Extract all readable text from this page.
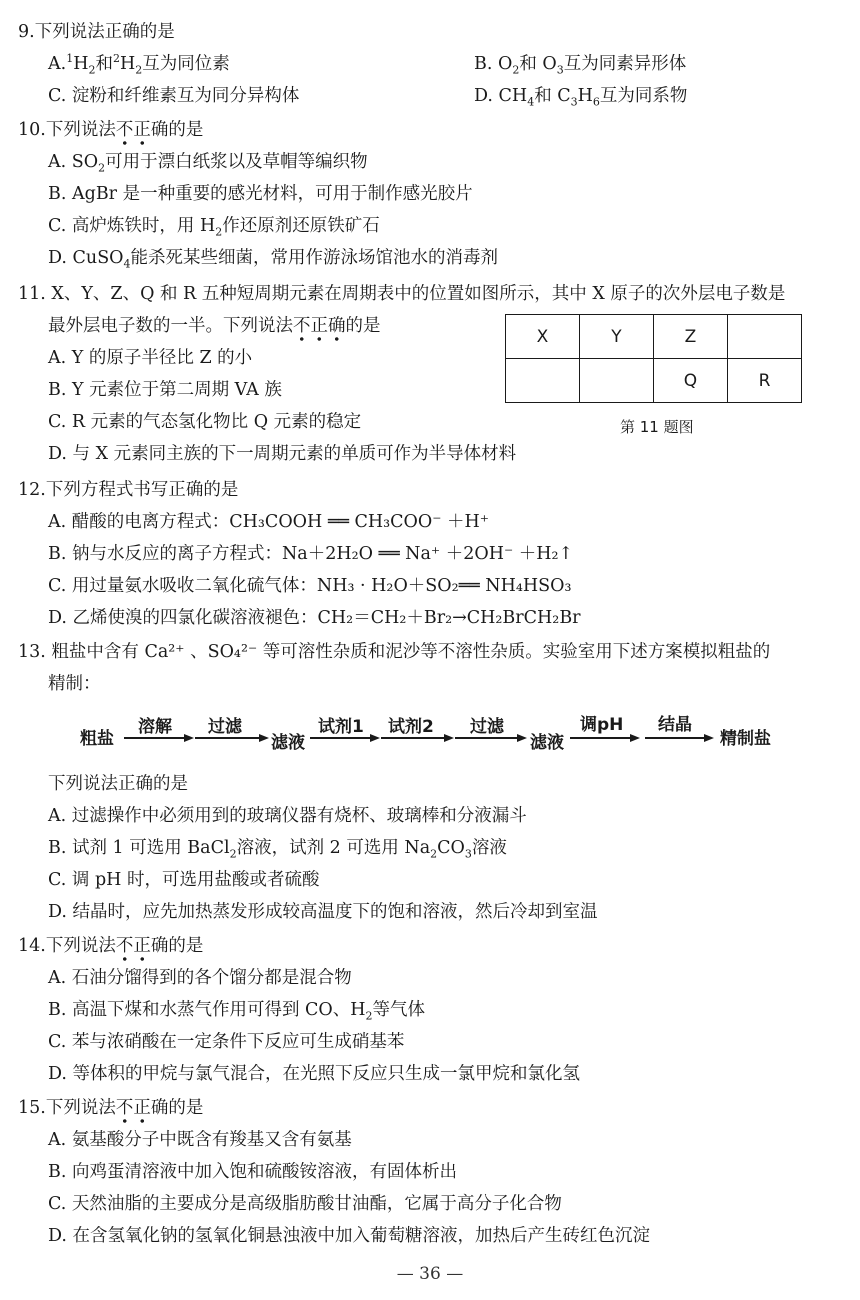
9.下列说法正确的是
$A.^1H_2$和$^2H_2$互为同位素	B. $O_2$和 $O_3$互为同素异形体
C. 淀粉和纤维素互为同分异构体	D. $CH_4$和 $C_3H_6$互为同系物
10.下列说法不正确的是
A. $SO_2$可用于漂白纸浆以及草帽等编织物
B. AgBr 是一种重要的感光材料，可用于制作感光胶片
C. 高炉炼铁时，用 $H_2$作还原剂还原铁矿石
D. CuSO$_4$能杀死某些细菌，常用作游泳场馆池水的消毒剂
11. X、Y、Z、Q 和 R 五种短周期元素在周期表中的位置如图所示，其中 X 原子的次外层电子数是
最外层电子数的一半。下列说法不正确的是
A. Y 的原子半径比 Z 的小
B. Y 元素位于第二周期 VA 族
C. R 元素的气态氢化物比 Q 元素的稳定
D. 与 X 元素同主族的下一周期元素的单质可作为半导体材料
X	Y	Z	
		Q	R
第 11 题图
12.下列方程式书写正确的是
A. 醋酸的电离方程式：CH₃COOH ══ CH₃COO⁻ ＋H⁺
B. 钠与水反应的离子方程式：Na＋2H₂O ══ Na⁺ ＋2OH⁻ ＋H₂↑
C. 用过量氨水吸收二氧化硫气体：NH₃ · H₂O＋SO₂══ NH₄HSO₃
D. 乙烯使溴的四氯化碳溶液褪色：CH₂＝CH₂＋Br₂→CH₂BrCH₂Br
13. 粗盐中含有 Ca²⁺ 、SO₄²⁻ 等可溶性杂质和泥沙等不溶性杂质。实验室用下述方案模拟粗盐的
精制：
粗盐
溶解 过滤
滤液
试剂1 试剂2 过滤
滤液
调pH 结晶
精制盐
下列说法正确的是
A. 过滤操作中必须用到的玻璃仪器有烧杯、玻璃棒和分液漏斗
B. 试剂 1 可选用 BaCl$_2$溶液，试剂 2 可选用 $Na_2CO_3$溶液
C. 调 pH 时，可选用盐酸或者硫酸
D. 结晶时，应先加热蒸发形成较高温度下的饱和溶液，然后冷却到室温
14.下列说法不正确的是
A. 石油分馏得到的各个馏分都是混合物
B. 高温下煤和水蒸气作用可得到 CO、$H_2$等气体
C. 苯与浓硝酸在一定条件下反应可生成硝基苯
D. 等体积的甲烷与氯气混合，在光照下反应只生成一氯甲烷和氯化氢
15.下列说法不正确的是
A. 氨基酸分子中既含有羧基又含有氨基
B. 向鸡蛋清溶液中加入饱和硫酸铵溶液，有固体析出
C. 天然油脂的主要成分是高级脂肪酸甘油酯，它属于高分子化合物
D. 在含氢氧化钠的氢氧化铜悬浊液中加入葡萄糖溶液，加热后产生砖红色沉淀
— 36 —
